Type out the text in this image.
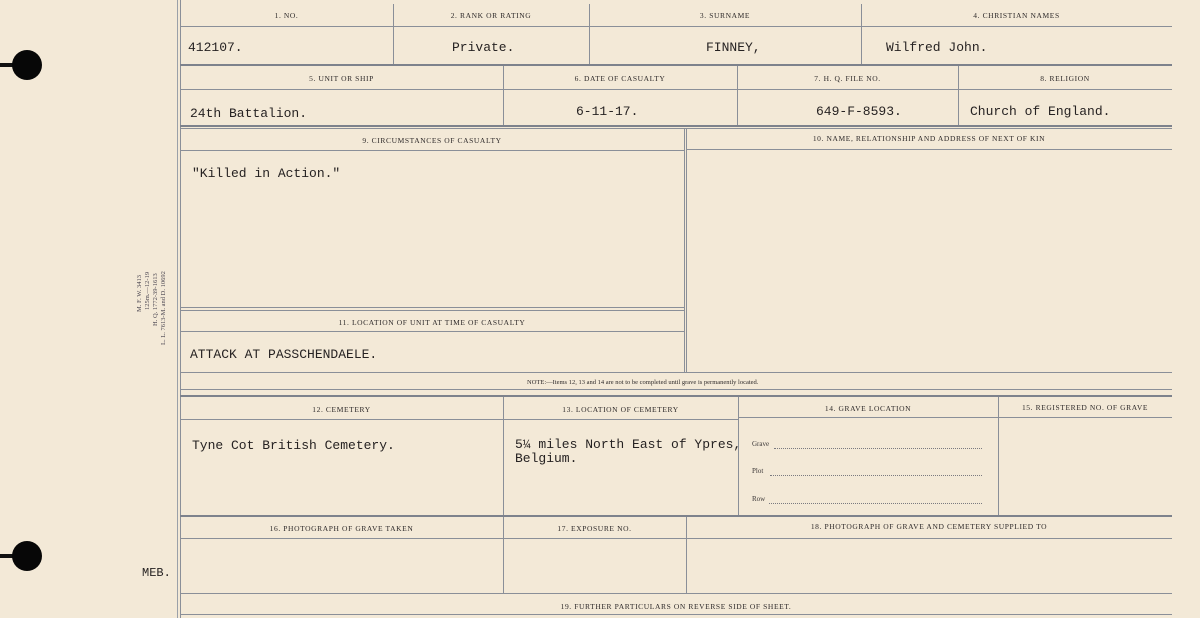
M. F. W. 3413 125m.—12-19 H. Q. 1772-39-1613 L. L. 7613-M. and D. 10692
MEB.
1. NO.	2. RANK OR RATING	3. SURNAME	4. CHRISTIAN NAMES
412107.	Private.	FINNEY,	Wilfred John.
5. UNIT OR SHIP	6. DATE OF CASUALTY	7. H. Q. FILE NO.	8. RELIGION
24th Battalion.	6-11-17.	649-F-8593.	Church of England.
9. CIRCUMSTANCES OF CASUALTY	10. NAME, RELATIONSHIP AND ADDRESS OF NEXT OF KIN
"Killed in Action."
11. LOCATION OF UNIT AT TIME OF CASUALTY
ATTACK AT PASSCHENDAELE.
NOTE:—Items 12, 13 and 14 are not to be completed until grave is permanently located.
12. CEMETERY	13. LOCATION OF CEMETERY	14. GRAVE LOCATION	15. REGISTERED NO. OF GRAVE
Tyne Cot British Cemetery.	5¼ miles North East of Ypres,
Belgium.
Grave
Plot
Row
16. PHOTOGRAPH OF GRAVE TAKEN	17. EXPOSURE NO.	18. PHOTOGRAPH OF GRAVE AND CEMETERY SUPPLIED TO
19. FURTHER PARTICULARS ON REVERSE SIDE OF SHEET.
